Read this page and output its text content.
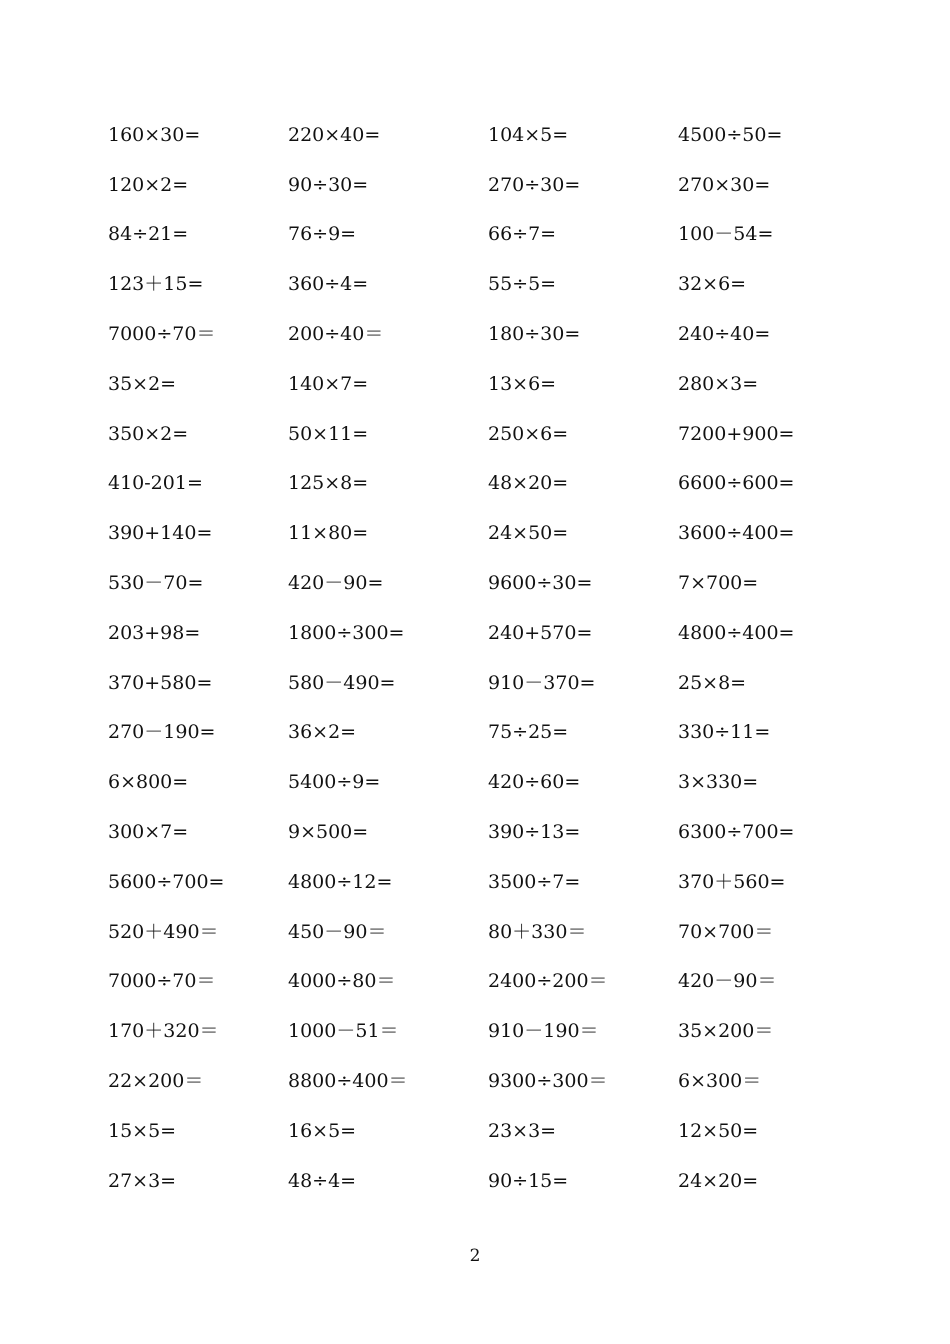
160×30=	220×40=	104×5=	4500÷50=
120×2=	90÷30=	270÷30=	270×30=
84÷21=	76÷9=	66÷7=	100－54=
123＋15=	360÷4=	55÷5=	32×6=
7000÷70＝	200÷40＝	180÷30=	240÷40=
35×2=	140×7=	13×6=	280×3=
350×2=	50×11=	250×6=	7200+900=
410-201=	125×8=	48×20=	6600÷600=
390+140=	11×80=	24×50=	3600÷400=
530－70=	420－90=	9600÷30=	7×700=
203+98=	1800÷300=	240+570=	4800÷400=
370+580=	580－490=	910－370=	25×8=
270－190=	36×2=	75÷25=	330÷11=
6×800=	5400÷9=	420÷60=	3×330=
300×7=	9×500=	390÷13=	6300÷700=
5600÷700=	4800÷12=	3500÷7=	370＋560=
520＋490＝	450－90＝	80＋330＝	70×700＝
7000÷70＝	4000÷80＝	2400÷200＝	420－90＝
170＋320＝	1000－51＝	910－190＝	35×200＝
22×200＝	8800÷400＝	9300÷300＝	6×300＝
15×5=	16×5=	23×3=	12×50=
27×3=	48÷4=	90÷15=	24×20=
2
